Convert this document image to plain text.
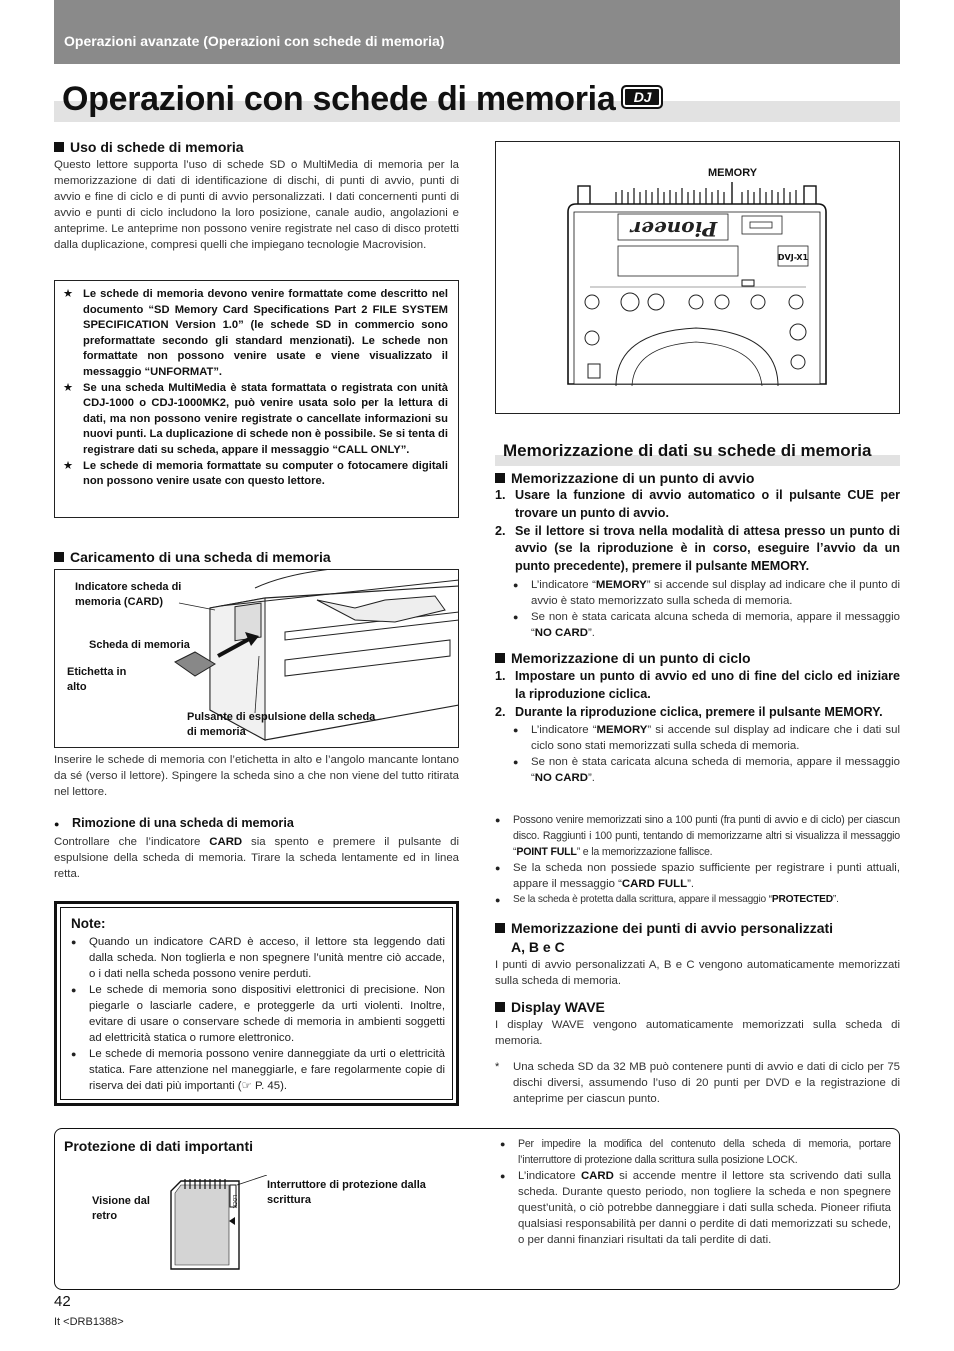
Operazioni avanzate (Operazioni con schede di memoria)
Operazioni con schede di memoria DJ
Uso di schede di memoria
Questo lettore supporta l’uso di schede SD o MultiMedia di memoria per la memorizzazione di dati di identificazione di dischi, di punti di avvio, punti di avvio e fine di ciclo e di punti di avvio personalizzati. I dati concernenti punti di avvio e punti di ciclo includono la loro posizione, canale audio, angolazioni e anteprime. Le anteprime non possono venire registrate nel caso di disco protetti dalla duplicazione, compresi quelli che impiegano tecnologie Macrovision.
★ Le schede di memoria devono venire formattate come descritto nel documento “SD Memory Card Specifications Part 2 FILE SYSTEM SPECIFICATION Version 1.0” (le schede SD in commercio sono preformattate secondo gli standard menzionati). Le schede non formattate non possono venire usate e viene visualizzato il messaggio “UNFORMAT”.
★ Se una scheda MultiMedia è stata formattata o registrata con unità CDJ-1000 o CDJ-1000MK2, può venire usata solo per la lettura di dati, ma non possono venire registrate o cancellate informazioni su nuovi punti. La duplicazione di schede non è possibile. Se si tenta di registrare dati su scheda, appare il messaggio “CALL ONLY”.
★ Le schede di memoria formattate su computer o fotocamere digitali non possono venire usate con questo lettore.
Caricamento di una scheda di memoria
Indicatore scheda di memoria (CARD)
Scheda di memoria
Etichetta in alto
Pulsante di espulsione della scheda di memoria
Inserire le schede di memoria con l’etichetta in alto e l’angolo mancante lontano da sé (verso il lettore). Spingere la scheda sino a che non viene del tutto ritirata nel lettore.
● Rimozione di una scheda di memoria
Controllare che l’indicatore CARD sia spento e premere il pulsante di espulsione della scheda di memoria. Tirare la scheda lentamente ed in linea retta.
Note:
●	Quando un indicatore CARD è acceso, il lettore sta leggendo dati dalla scheda. Non toglierla e non spegnere l’unità mentre ciò accade, o i dati nella scheda possono venire perduti.
●	Le schede di memoria sono dispositivi elettronici di precisione. Non piegarle o lasciarle cadere, e proteggerle da urti violenti. Inoltre, evitare di usare o conservare schede di memoria in ambienti soggetti ad elettricità statica o rumore elettronico.
●	Le schede di memoria possono venire danneggiate da urti o elettricità statica. Fare attenzione nel maneggiarle, e fare regolarmente copie di riserva dei dati più importanti (☞ P. 45).
MEMORY
Pioneer
DVJ-X1
Memorizzazione di dati su schede di memoria
Memorizzazione di un punto di avvio
1. Usare la funzione di avvio automatico o il pulsante CUE per trovare un punto di avvio.
2. Se il lettore si trova nella modalità di attesa presso un punto di avvio (se la riproduzione è in corso, eseguire l’avvio da un punto precedente), premere il pulsante MEMORY.
●	L’indicatore “MEMORY” si accende sul display ad indicare che il punto di avvio è stato memorizzato sulla scheda di memoria.
●	Se non è stata caricata alcuna scheda di memoria, appare il messaggio “NO CARD”.
Memorizzazione di un punto di ciclo
1. Impostare un punto di avvio ed uno di fine del ciclo ed iniziare la riproduzione ciclica.
2. Durante la riproduzione ciclica, premere il pulsante MEMORY.
●	L’indicatore “MEMORY” si accende sul display ad indicare che i dati sul ciclo sono stati memorizzati sulla scheda di memoria.
●	Se non è stata caricata alcuna scheda di memoria, appare il messaggio “NO CARD”.
●	Possono venire memorizzati sino a 100 punti (fra punti di avvio e di ciclo) per ciascun disco. Raggiunti i 100 punti, tentando di memorizzarne altri si visualizza il messaggio “POINT FULL” e la memorizzazione fallisce.
●	Se la scheda non possiede spazio sufficiente per registrare i punti attuali, appare il messaggio “CARD FULL”.
●	Se la scheda è protetta dalla scrittura, appare il messaggio “PROTECTED”.
Memorizzazione dei punti di avvio personalizzati
A, B e C
I punti di avvio personalizzati A, B e C vengono automaticamente memorizzati sulla scheda di memoria.
Display WAVE
I display WAVE vengono automaticamente memorizzati sulla scheda di memoria.
*	Una scheda SD da 32 MB può contenere punti di avvio e dati di ciclo per 75 dischi diversi, assumendo l’uso di 20 punti per DVD e la registrazione di anteprime per ciascun punto.
Protezione di dati importanti
Visione dal retro
Interruttore di protezione dalla scrittura
LOCK
●	Per impedire la modifica del contenuto della scheda di memoria, portare l’interruttore di protezione dalla scrittura sulla posizione LOCK.
●	L’indicatore CARD si accende mentre il lettore sta scrivendo dati sulla scheda. Durante questo periodo, non togliere la scheda e non spegnere quest’unità, o ciò potrebbe danneggiare i dati sulla scheda. Pioneer rifiuta qualsiasi responsabilità per danni o perdite di dati memorizzati su schede, o per danni finanziari risultati da tali perdite di dati.
42
It <DRB1388>
